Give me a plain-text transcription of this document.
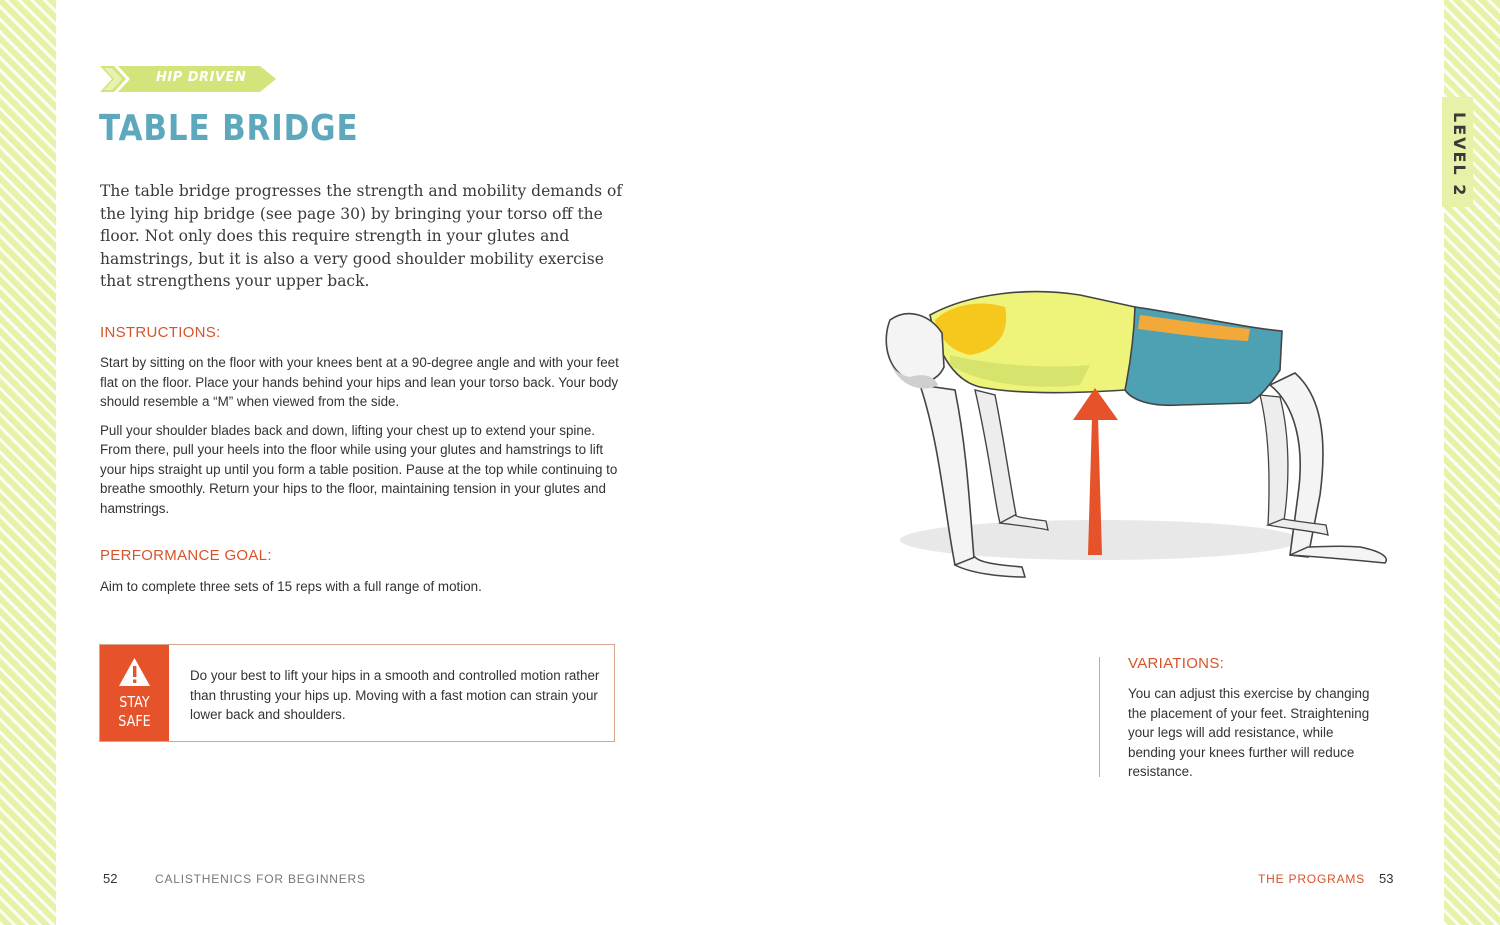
HIP DRIVEN
TABLE BRIDGE
The table bridge progresses the strength and mobility demands of the lying hip bridge (see page 30) by bringing your torso off the floor. Not only does this require strength in your glutes and hamstrings, but it is also a very good shoulder mobility exercise that strengthens your upper back.
INSTRUCTIONS:

Start by sitting on the floor with your knees bent at a 90-degree angle and with your feet flat on the floor. Place your hands behind your hips and lean your torso back. Your body should resemble a “M” when viewed from the side.

Pull your shoulder blades back and down, lifting your chest up to extend your spine. From there, pull your heels into the floor while using your glutes and hamstrings to lift your hips straight up until you form a table position. Pause at the top while continuing to breathe smoothly. Return your hips to the floor, maintaining tension in your glutes and hamstrings.

PERFORMANCE GOAL:
Aim to complete three sets of 15 reps with a full range of motion.
STAY
SAFE
Do your best to lift your hips in a smooth and controlled motion rather than thrusting your hips up. Moving with a fast motion can strain your lower back and shoulders.
VARIATIONS:
You can adjust this exercise by changing the placement of your feet. Straightening your legs will add resistance, while bending your knees further will reduce resistance.
LEVEL 2
52	CALISTHENICS FOR BEGINNERS	THE PROGRAMS 53
